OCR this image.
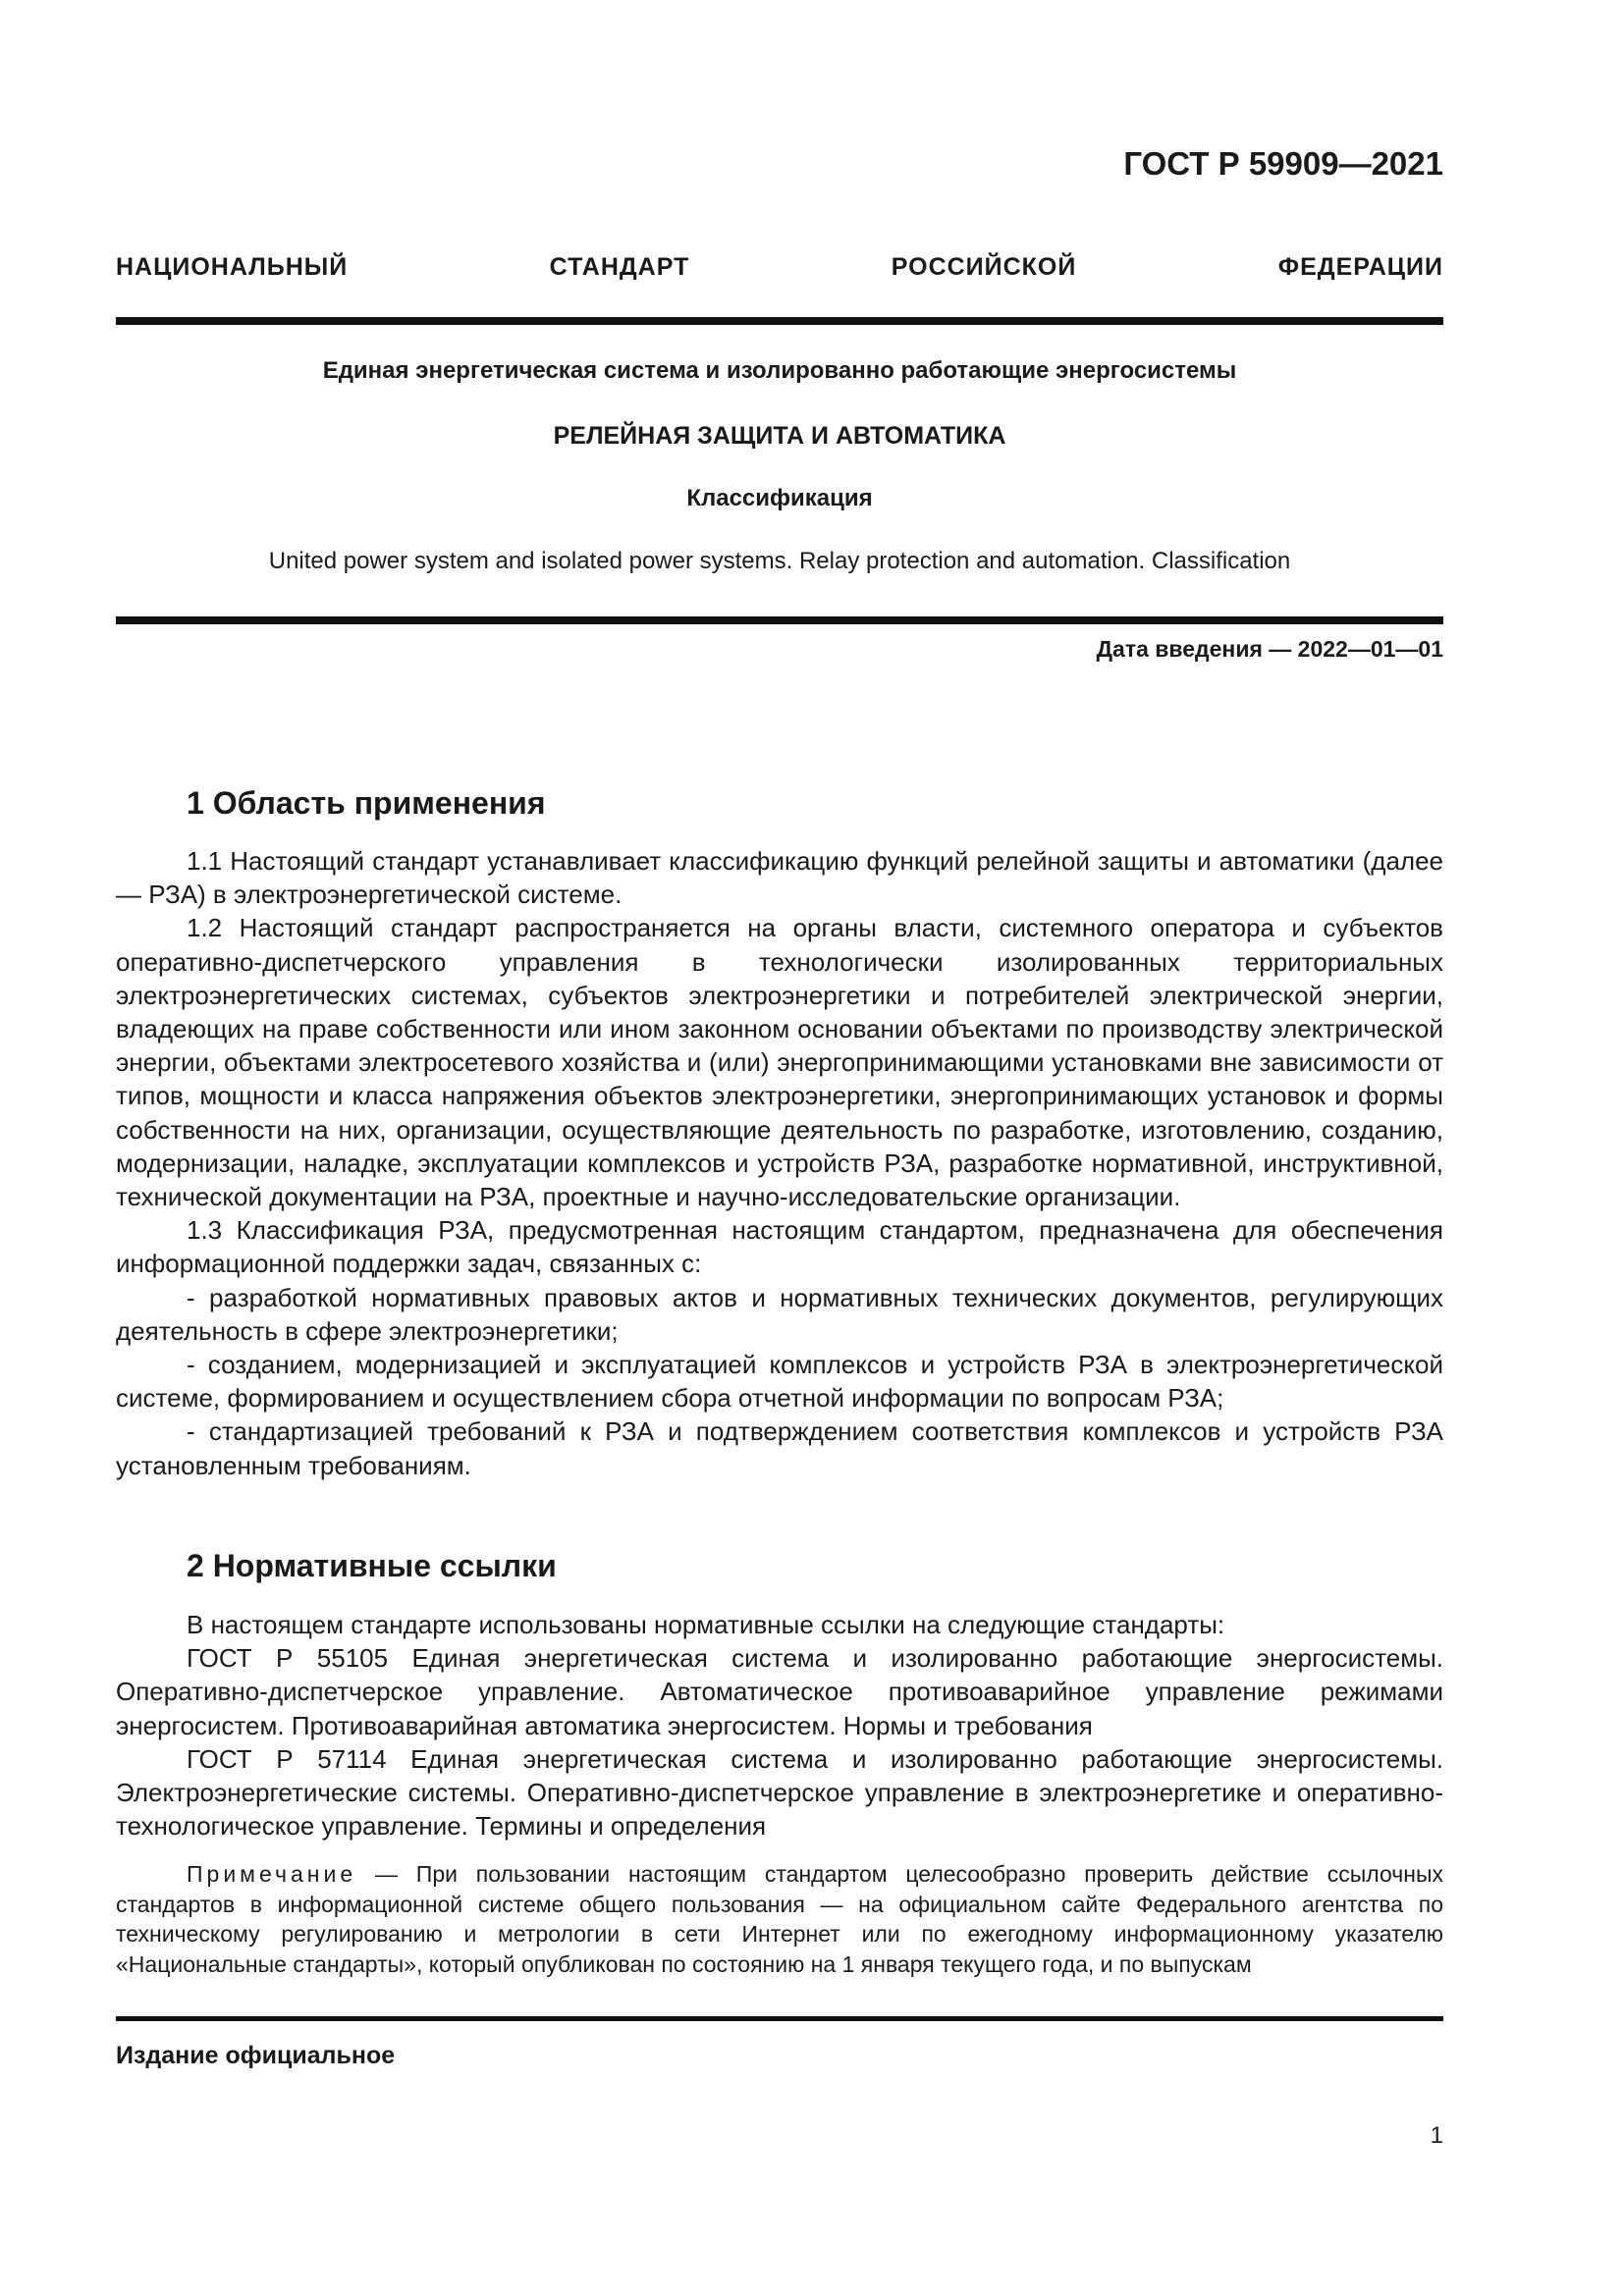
ГОСТ Р 59909—2021
НАЦИОНАЛЬНЫЙ СТАНДАРТ РОССИЙСКОЙ ФЕДЕРАЦИИ
Единая энергетическая система и изолированно работающие энергосистемы
РЕЛЕЙНАЯ ЗАЩИТА И АВТОМАТИКА
Классификация
United power system and isolated power systems. Relay protection and automation. Classification
Дата введения — 2022—01—01
1 Область применения

1.1 Настоящий стандарт устанавливает классификацию функций релейной защиты и автоматики (далее — РЗА) в электроэнергетической системе.

1.2 Настоящий стандарт распространяется на органы власти, системного оператора и субъектов оперативно-диспетчерского управления в технологически изолированных территориальных электроэнергетических системах, субъектов электроэнергетики и потребителей электрической энергии, владеющих на праве собственности или ином законном основании объектами по производству электрической энергии, объектами электросетевого хозяйства и (или) энергопринимающими установками вне зависимости от типов, мощности и класса напряжения объектов электроэнергетики, энергопринимающих установок и формы собственности на них, организации, осуществляющие деятельность по разработке, изготовлению, созданию, модернизации, наладке, эксплуатации комплексов и устройств РЗА, разработке нормативной, инструктивной, технической документации на РЗА, проектные и научно-исследовательские организации.

1.3 Классификация РЗА, предусмотренная настоящим стандартом, предназначена для обеспечения информационной поддержки задач, связанных с:

- разработкой нормативных правовых актов и нормативных технических документов, регулирующих деятельность в сфере электроэнергетики;

- созданием, модернизацией и эксплуатацией комплексов и устройств РЗА в электроэнергетической системе, формированием и осуществлением сбора отчетной информации по вопросам РЗА;

- стандартизацией требований к РЗА и подтверждением соответствия комплексов и устройств РЗА установленным требованиям.

2 Нормативные ссылки

В настоящем стандарте использованы нормативные ссылки на следующие стандарты:

ГОСТ Р 55105 Единая энергетическая система и изолированно работающие энергосистемы. Оперативно-диспетчерское управление. Автоматическое противоаварийное управление режимами энергосистем. Противоаварийная автоматика энергосистем. Нормы и требования

ГОСТ Р 57114 Единая энергетическая система и изолированно работающие энергосистемы. Электроэнергетические системы. Оперативно-диспетчерское управление в электроэнергетике и оперативно-технологическое управление. Термины и определения

Примечание — При пользовании настоящим стандартом целесообразно проверить действие ссылочных стандартов в информационной системе общего пользования — на официальном сайте Федерального агентства по техническому регулированию и метрологии в сети Интернет или по ежегодному информационному указателю «Национальные стандарты», который опубликован по состоянию на 1 января текущего года, и по выпускам

Издание официальное
1
